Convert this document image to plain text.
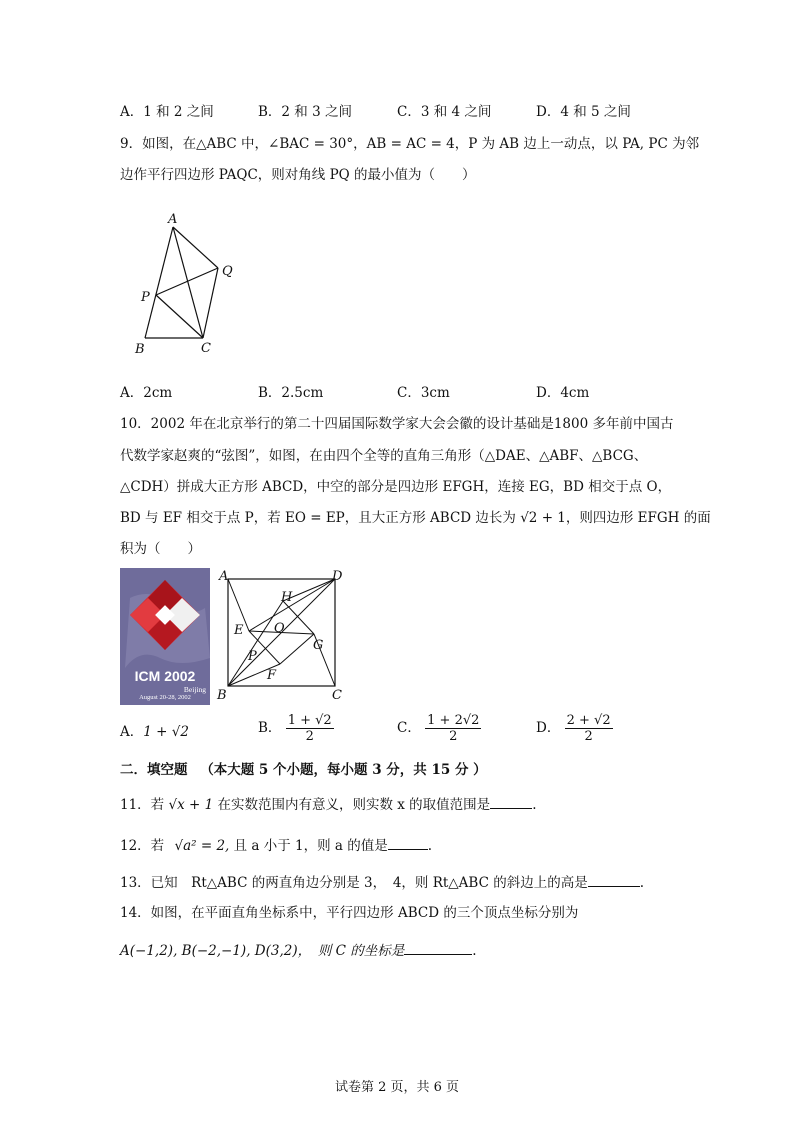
A．1 和 2 之间	B．2 和 3 之间	C．3 和 4 之间	D．4 和 5 之间
9．如图，在△ABC 中，∠BAC = 30°，AB = AC = 4，P 为 AB 边上一动点，以 PA, PC 为邻
边作平行四边形 PAQC，则对角线 PQ 的最小值为（　　）
A
Q
P
B	C
A．2cm	B．2.5cm	C．3cm	D．4cm
10．2002 年在北京举行的第二十四届国际数学家大会会徽的设计基础是1800 多年前中国古
代数学家赵爽的“弦图”，如图，在由四个全等的直角三角形（△DAE、△ABF、△BCG、
△CDH）拼成大正方形 ABCD，中空的部分是四边形 EFGH，连接 EG，BD 相交于点 O，
BD 与 EF 相交于点 P，若 EO = EP，且大正方形 ABCD 边长为 √2 + 1，则四边形 EFGH 的面
积为（　　）
ICM 2002
Beijing
August 20-28, 2002
A	D
H
E O
G
P
F
B	C
A．1 + √2	B． $\frac{1 + √2}{2}$	C． $\frac{1 + 2√2}{2}$	D． $\frac{2 + √2}{2}$
二．填空题 （本大题 5 个小题，每小题 3 分，共 15 分 ）
11．若 √x + 1 在实数范围内有意义，则实数 x 的取值范围是	.
12．若 √a² = 2, 且 a 小于 1，则 a 的值是	.
13．已知　Rt△ABC 的两直角边分别是 3，　4，则 Rt△ABC 的斜边上的高是	.
14．如图，在平面直角坐标系中，平行四边形 ABCD 的三个顶点坐标分别为
A(−1,2), B(−2,−1), D(3,2)，　则 C 的坐标是	.
试卷第 2 页，共 6 页
